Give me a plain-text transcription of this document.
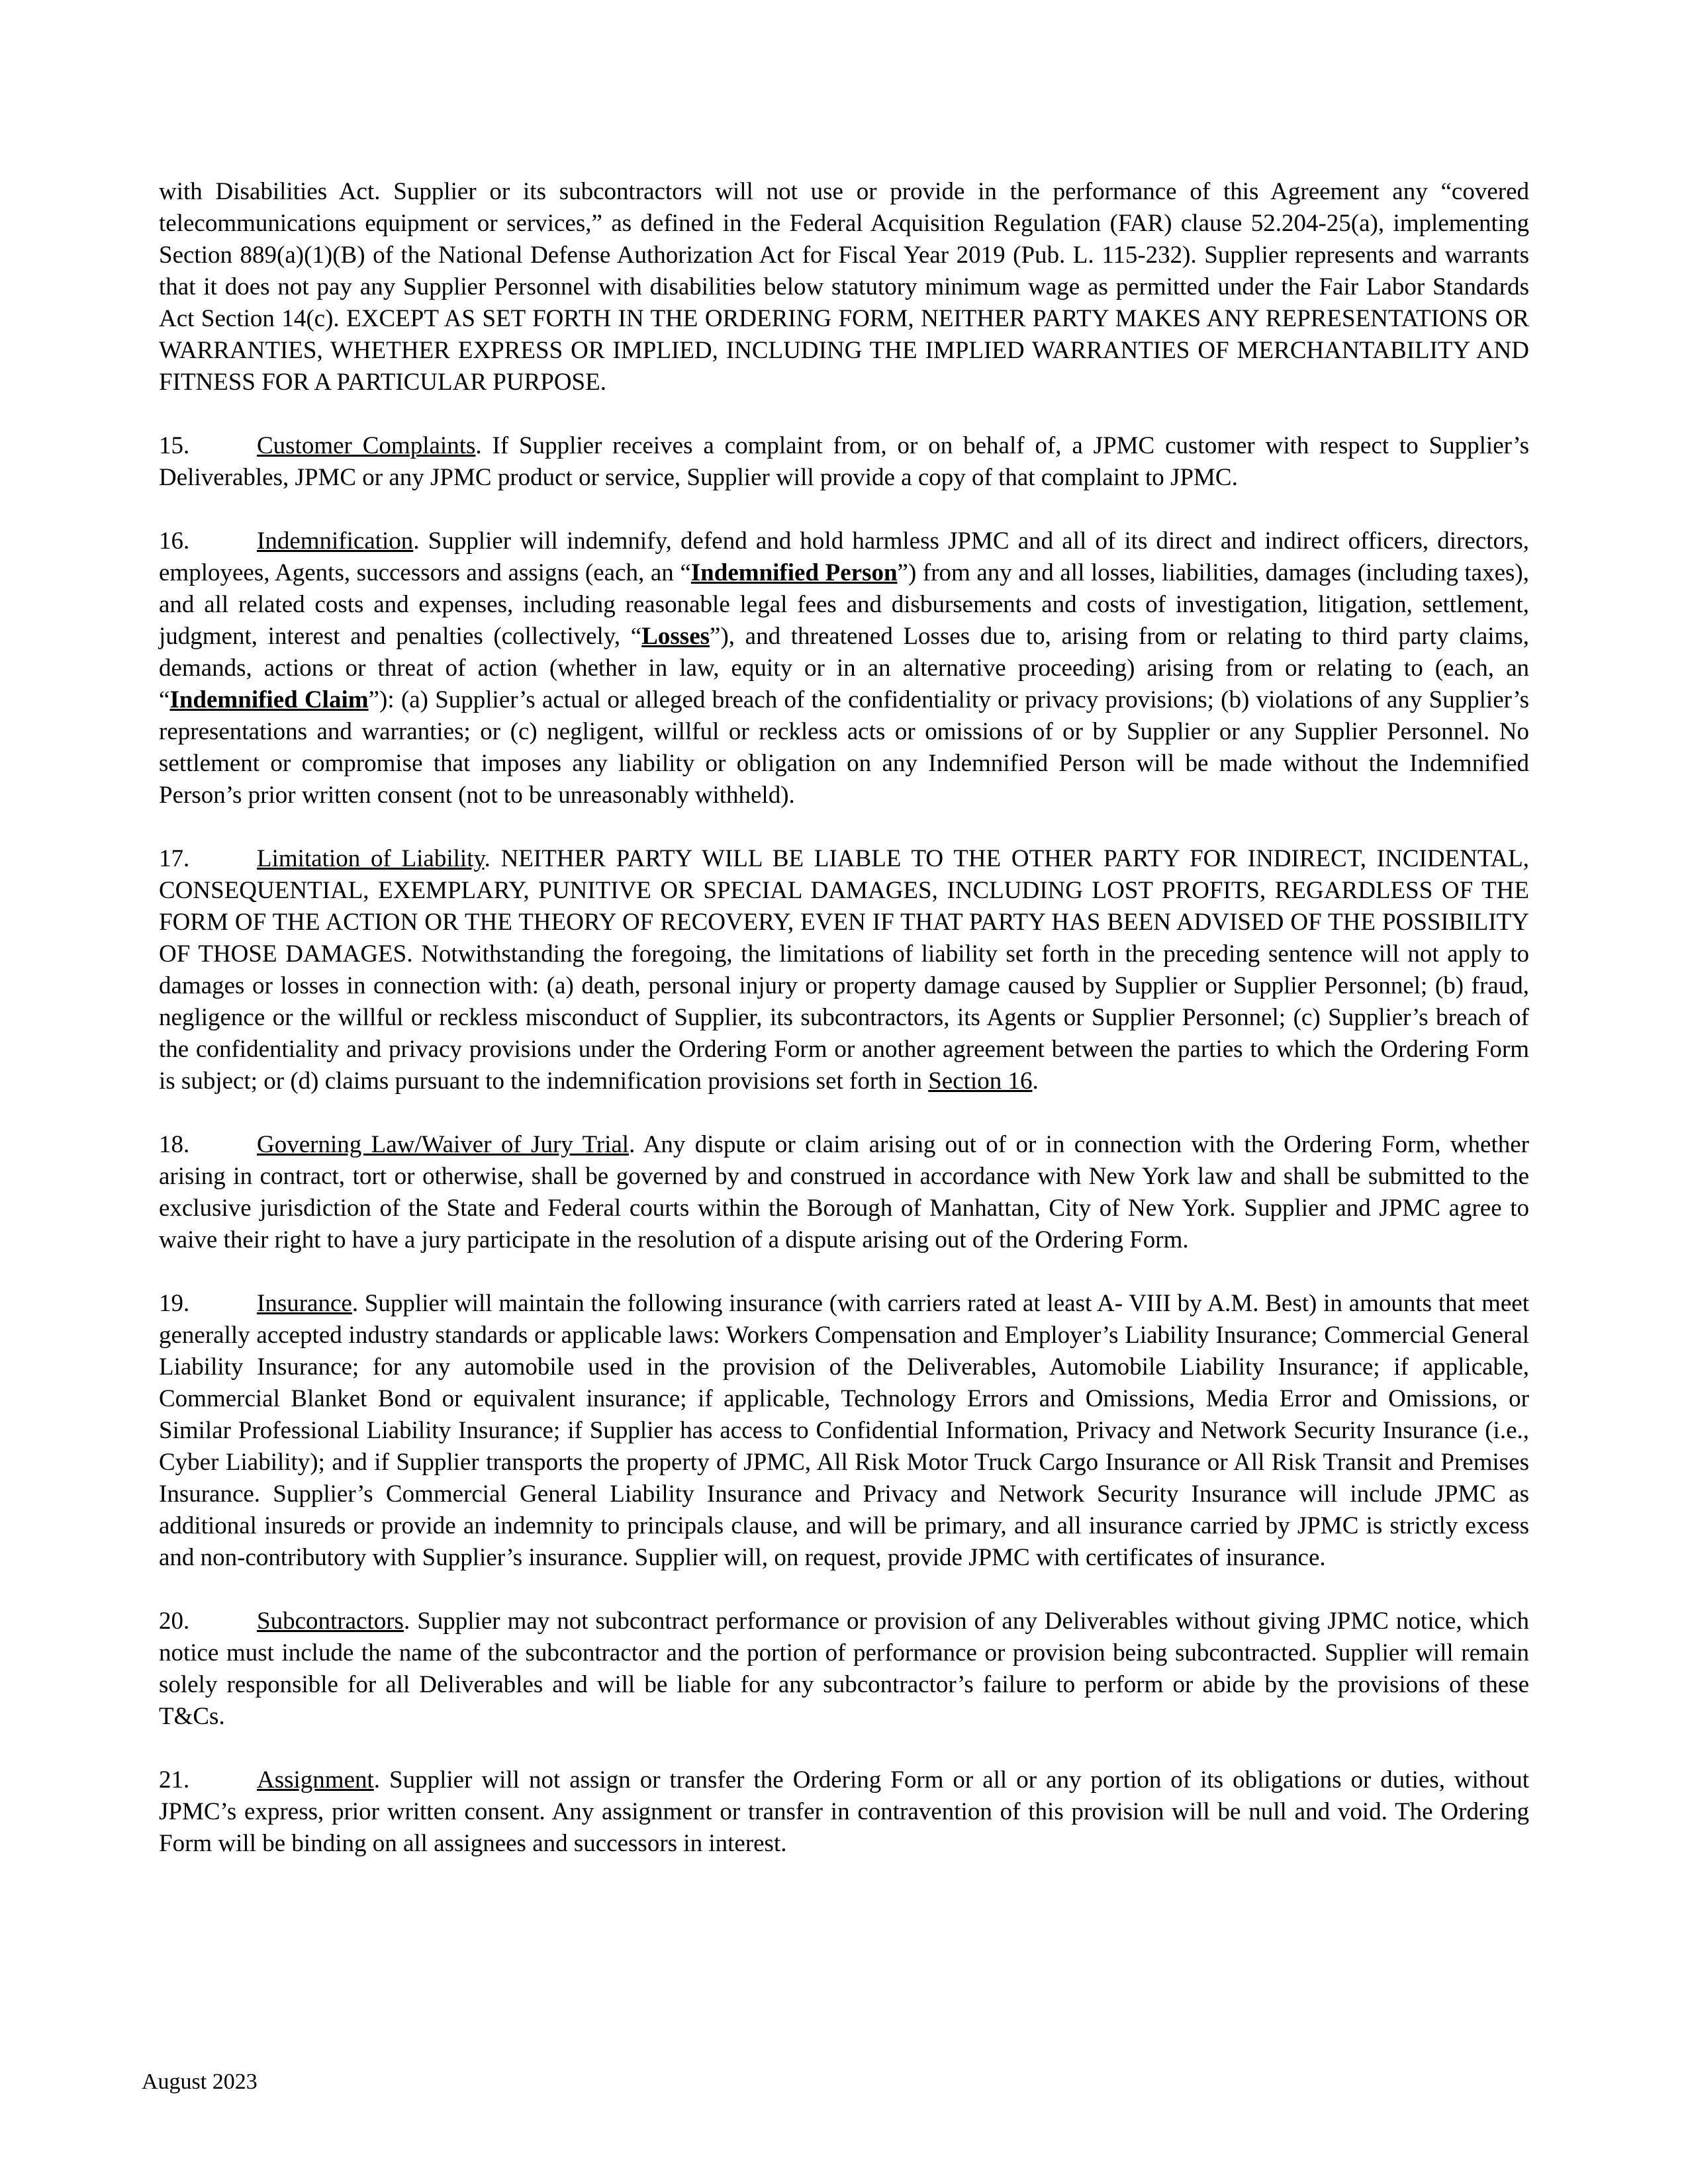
with Disabilities Act. Supplier or its subcontractors will not use or provide in the performance of this Agreement any “covered telecommunications equipment or services,” as defined in the Federal Acquisition Regulation (FAR) clause 52.204-25(a), implementing Section 889(a)(1)(B) of the National Defense Authorization Act for Fiscal Year 2019 (Pub. L. 115-232). Supplier represents and warrants that it does not pay any Supplier Personnel with disabilities below statutory minimum wage as permitted under the Fair Labor Standards Act Section 14(c). EXCEPT AS SET FORTH IN THE ORDERING FORM, NEITHER PARTY MAKES ANY REPRESENTATIONS OR WARRANTIES, WHETHER EXPRESS OR IMPLIED, INCLUDING THE IMPLIED WARRANTIES OF MERCHANTABILITY AND FITNESS FOR A PARTICULAR PURPOSE.

15.	Customer Complaints. If Supplier receives a complaint from, or on behalf of, a JPMC customer with respect to Supplier’s Deliverables, JPMC or any JPMC product or service, Supplier will provide a copy of that complaint to JPMC.

16.	Indemnification. Supplier will indemnify, defend and hold harmless JPMC and all of its direct and indirect officers, directors, employees, Agents, successors and assigns (each, an “Indemnified Person”) from any and all losses, liabilities, damages (including taxes), and all related costs and expenses, including reasonable legal fees and disbursements and costs of investigation, litigation, settlement, judgment, interest and penalties (collectively, “Losses”), and threatened Losses due to, arising from or relating to third party claims, demands, actions or threat of action (whether in law, equity or in an alternative proceeding) arising from or relating to (each, an “Indemnified Claim”): (a) Supplier’s actual or alleged breach of the confidentiality or privacy provisions; (b) violations of any Supplier’s representations and warranties; or (c) negligent, willful or reckless acts or omissions of or by Supplier or any Supplier Personnel. No settlement or compromise that imposes any liability or obligation on any Indemnified Person will be made without the Indemnified Person’s prior written consent (not to be unreasonably withheld).

17.	Limitation of Liability. NEITHER PARTY WILL BE LIABLE TO THE OTHER PARTY FOR INDIRECT, INCIDENTAL, CONSEQUENTIAL, EXEMPLARY, PUNITIVE OR SPECIAL DAMAGES, INCLUDING LOST PROFITS, REGARDLESS OF THE FORM OF THE ACTION OR THE THEORY OF RECOVERY, EVEN IF THAT PARTY HAS BEEN ADVISED OF THE POSSIBILITY OF THOSE DAMAGES. Notwithstanding the foregoing, the limitations of liability set forth in the preceding sentence will not apply to damages or losses in connection with: (a) death, personal injury or property damage caused by Supplier or Supplier Personnel; (b) fraud, negligence or the willful or reckless misconduct of Supplier, its subcontractors, its Agents or Supplier Personnel; (c) Supplier’s breach of the confidentiality and privacy provisions under the Ordering Form or another agreement between the parties to which the Ordering Form is subject; or (d) claims pursuant to the indemnification provisions set forth in Section 16.

18.	Governing Law/Waiver of Jury Trial. Any dispute or claim arising out of or in connection with the Ordering Form, whether arising in contract, tort or otherwise, shall be governed by and construed in accordance with New York law and shall be submitted to the exclusive jurisdiction of the State and Federal courts within the Borough of Manhattan, City of New York. Supplier and JPMC agree to waive their right to have a jury participate in the resolution of a dispute arising out of the Ordering Form.

19.	Insurance. Supplier will maintain the following insurance (with carriers rated at least A- VIII by A.M. Best) in amounts that meet generally accepted industry standards or applicable laws: Workers Compensation and Employer’s Liability Insurance; Commercial General Liability Insurance; for any automobile used in the provision of the Deliverables, Automobile Liability Insurance; if applicable, Commercial Blanket Bond or equivalent insurance; if applicable, Technology Errors and Omissions, Media Error and Omissions, or Similar Professional Liability Insurance; if Supplier has access to Confidential Information, Privacy and Network Security Insurance (i.e., Cyber Liability); and if Supplier transports the property of JPMC, All Risk Motor Truck Cargo Insurance or All Risk Transit and Premises Insurance. Supplier’s Commercial General Liability Insurance and Privacy and Network Security Insurance will include JPMC as additional insureds or provide an indemnity to principals clause, and will be primary, and all insurance carried by JPMC is strictly excess and non-contributory with Supplier’s insurance. Supplier will, on request, provide JPMC with certificates of insurance.

20.	Subcontractors. Supplier may not subcontract performance or provision of any Deliverables without giving JPMC notice, which notice must include the name of the subcontractor and the portion of performance or provision being subcontracted. Supplier will remain solely responsible for all Deliverables and will be liable for any subcontractor’s failure to perform or abide by the provisions of these T&Cs.

21.	Assignment. Supplier will not assign or transfer the Ordering Form or all or any portion of its obligations or duties, without JPMC’s express, prior written consent. Any assignment or transfer in contravention of this provision will be null and void. The Ordering Form will be binding on all assignees and successors in interest.

August 2023
